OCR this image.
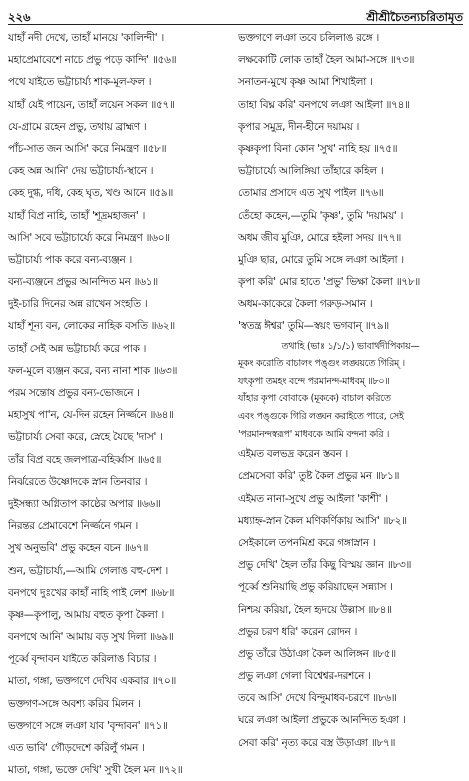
২২৬	শ্রীশ্রীচৈতন্যচরিতামৃত
যাহাঁ নদী দেখে, তাহাঁ মানয়ে 'কালিন্দী' ।
মহাপ্রেমাবেশে নাচে প্রভু পড়ে কান্দি' ॥৫৬॥
পথে যাইতে ভট্টাচার্য্য শাক-মূল-ফল ।
যাহাঁ যেই পায়েন, তাহাঁ লয়েন সকল ॥৫৭॥
যে-গ্রামে রহেন প্রভু, তথায় ব্রাহ্মণ ।
পাঁচ-সাত জন আসি' করে নিমন্ত্রণ ॥৫৮॥
কেহ অন্ন আনি' দেয় ভট্টাচার্য্য-স্থানে ।
কেহ দুগ্ধ, দধি, কেহ ঘৃত, খণ্ড আনে ॥৫৯॥
যাহাঁ বিপ্র নাহি, তাহাঁ 'শূদ্রমহাজন' ।
আসি' সবে ভট্টাচার্য্যে করে নিমন্ত্রণ ॥৬০॥
ভট্টাচার্য্য পাক করে বন্য-ব্যঞ্জন ।
বন্য-ব্যঞ্জনে প্রভুর আনন্দিত মন ॥৬১॥
দুই-চারি দিনের অন্ন রাখেন সংহতি ।
যাহাঁ শূন্য বন, লোকের নাহিক বসতি ॥৬২॥
তাহাঁ সেই অন্ন ভট্টাচার্য্য করে পাক ।
ফল-মূলে ব্যঞ্জন করে, বন্য নানা শাক ॥৬৩॥
পরম সন্তোষ প্রভুর বন্য-ভোজনে ।
মহাসুখ পা'ন, যে-দিন রহেন নির্জ্জনে ॥৬৪॥
ভট্টাচার্য্য সেবা করে, স্নেহে যৈছে 'দাস' ।
তাঁর বিপ্র বহে জলপাত্র-বহির্ব্বাস ॥৬৫॥
নির্ঝরেতে উষ্ণোদকে স্নান তিনবার ।
দুইসন্ধ্যা অগ্নিতাপ কাষ্ঠের অপার ॥৬৬॥
নিরন্তর প্রেমাবেশে নির্জ্জনে গমন ।
সুখ অনুভবি' প্রভু কহেন বচন ॥৬৭॥
শুন, ভট্টাচার্য্য,—আমি গেলাঙ বহু-দেশ ।
বনপথে দুঃখের কাহাঁ নাহি পাই লেশ ॥৬৮॥
কৃষ্ণ—কৃপালু, আমায় বহুত কৃপা কৈলা ।
বনপথে আনি' আমায় বড় সুখ দিলা ॥৬৯॥
পূর্ব্বে বৃন্দাবন যাইতে করিলাঙ বিচার ।
মাতা, গঙ্গা, ভক্তগণে দেখিব একবার ॥৭০॥
ভক্তগণ-সঙ্গে অবশ্য করিব মিলন ।
ভক্তগণে সঙ্গে লঞা যাব 'বৃন্দাবন' ॥৭১॥
এত ভাবি' গৌড়দেশে করিলুঁ গমন ।
মাতা, গঙ্গা, ভক্তে দেখি' সুখী হৈল মন ॥৭২॥
ভক্তগণে লঞা তবে চলিলাঙ রঙ্গে ।
লক্ষকোটি লোক তাহাঁ হৈল আমা-সঙ্গে ॥৭৩॥
সনাতন-মুখে কৃষ্ণ আমা শিখাইলা ।
তাহা বিঘ্ন করি' বনপথে লঞা আইলা ॥৭৪॥
কৃপার সমুদ্র, দীন-হীনে দয়াময় ।
কৃষ্ণকৃপা বিনা কোন 'সুখ' নাহি হয় ॥৭৫॥
ভট্টাচার্য্যে আলিঙ্গিয়া তাঁহারে কহিল ।
তোমার প্রসাদে এত সুখ পাইল ॥৭৬॥
তেঁহো কহেন,—তুমি 'কৃষ্ণ', তুমি 'দয়াময়' ।
অধম জীব মুঞি, মোরে হইলা সদয় ॥৭৭॥
মুঞি ছার, মোরে তুমি সঙ্গে লঞা আইলা ।
কৃপা করি' মোর হাতে 'প্রভু' ভিক্ষা কৈলা ॥৭৮॥
অধম-কাকেরে কৈলা গরুড়-সমান ।
'স্বতন্ত্র ঈশ্বর' তুমি—স্বয়ং ভগবান্ ॥৭৯॥
তথাহি (ভাঃ ১/১/১) ভাবার্থদীপিকায়—
মূকং করোতি বাচালং পঙ্গুং লঙ্ঘয়তে গিরিম্ ।
যৎকৃপা তমহং বন্দে পরমানন্দ-মাধবম্ ॥৮০॥
যাঁহার কৃপা বোবাকে (মূককে) বাচাল করিতে
এবং পঙ্গুকে গিরি লঙ্ঘন করাইতে পারে, সেই
'পরমানন্দস্বরূপ' মাধবকে আমি বন্দনা করি ।
এইমত বলভদ্র করেন স্তবন ।
প্রেমসেবা করি' তুষ্ট কৈল প্রভুর মন ॥৮১॥
এইমত নানা-সুখে প্রভু আইলা 'কাশী' ।
মধ্যাহ্ন-স্নান কৈল মণিকর্ণিকায় আসি' ॥৮২॥
সেইকালে তপনমিশ্র করে গঙ্গাস্নান ।
প্রভু দেখি' হৈল তাঁর কিছু বিস্ময় জ্ঞান ॥৮৩॥
পূর্ব্বে শুনিয়াছি প্রভু করিয়াছেন সন্ন্যাস ।
নিশ্চয় করিয়া, হৈল হৃদয়ে উল্লাস ॥৮৪॥
প্রভুর চরণ ধরি' করেন রোদন ।
প্রভু তাঁরে উঠাঞা কৈল আলিঙ্গন ॥৮৫॥
প্রভু লঞা গেলা বিশ্বেশ্বর-দরশনে ।
তবে আসি' দেখে বিন্দুমাধব-চরণে ॥৮৬॥
ঘরে লঞা আইলা প্রভুকে আনন্দিত হঞা ।
সেবা করি' নৃত্য করে বস্ত্র উড়াঞা ॥৮৭॥
